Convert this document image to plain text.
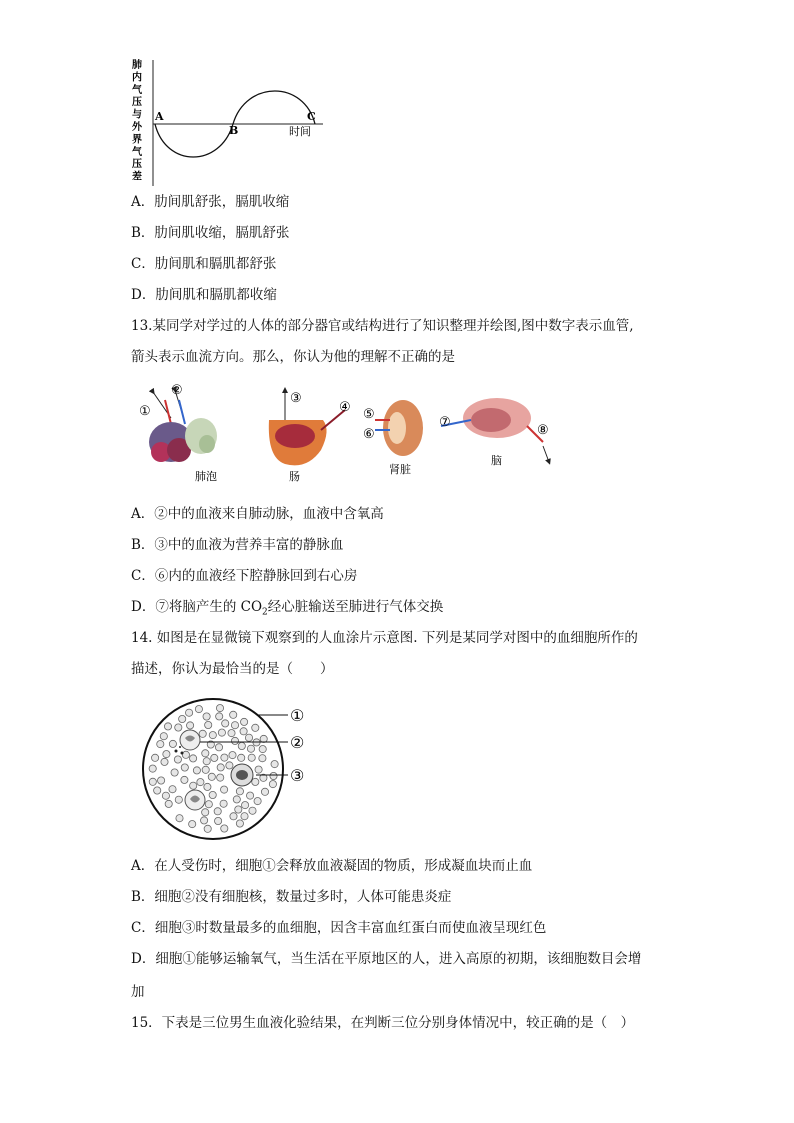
肺
内
气
压
与
外
界
气
压
差
A
B
C
时间
A．肋间肌舒张，膈肌收缩
B．肋间肌收缩，膈肌舒张
C．肋间肌和膈肌都舒张
D．肋间肌和膈肌都收缩
13.某同学对学过的人体的部分器官或结构进行了知识整理并绘图,图中数字表示血管,
箭头表示血流方向。那么，你认为他的理解不正确的是
①
②
肺泡
③
④
肠
⑤
⑥
肾脏
⑦
⑧
脑
A．②中的血液来自肺动脉，血液中含氧高
B．③中的血液为营养丰富的静脉血
C．⑥内的血液经下腔静脉回到右心房
D．⑦将脑产生的 $CO_2$经心脏输送至肺进行气体交换
14. 如图是在显微镜下观察到的人血涂片示意图. 下列是某同学对图中的血细胞所作的
描述，你认为最恰当的是（　　）
①
②
③
A．在人受伤时，细胞①会释放血液凝固的物质，形成凝血块而止血
B．细胞②没有细胞核，数量过多时，人体可能患炎症
C．细胞③时数量最多的血细胞，因含丰富血红蛋白而使血液呈现红色
D．细胞①能够运输氧气，当生活在平原地区的人，进入高原的初期，该细胞数目会增
加
15．下表是三位男生血液化验结果，在判断三位分别身体情况中，较正确的是（　）
